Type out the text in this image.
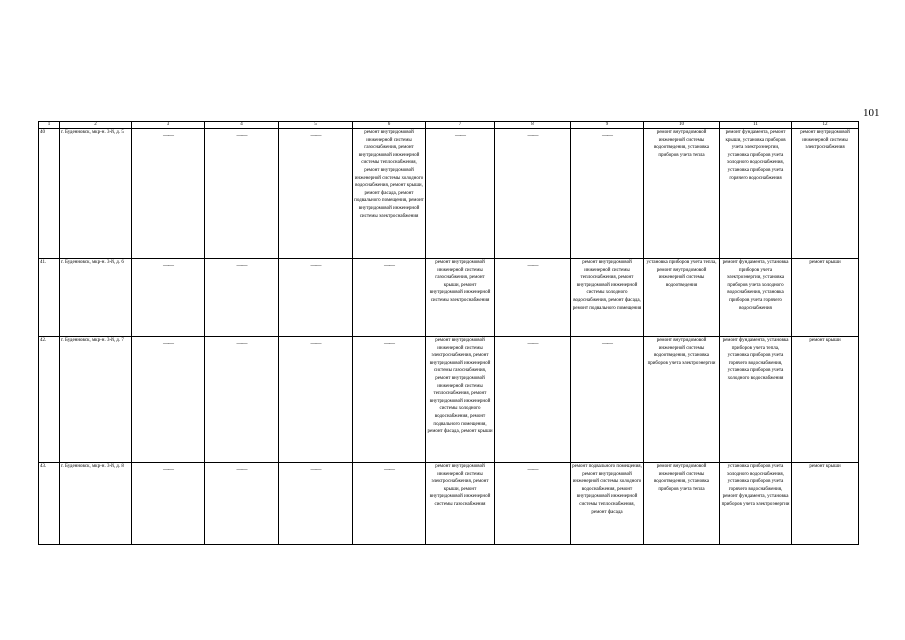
101
1	2	3	4	5	6	7	8	9	10	11	12
40	г. Буденновск, мкр-н. 3-й, д. 5	——	——	——	ремонт внутридомовой инженерной системы газоснабжения, ремонт внутридомовой инженерной системы теплоснабжения, ремонт внутридомовой инженерной системы холодного водоснабжения, ремонт крыши, ремонт фасада, ремонт подвального помещения, ремонт внутридомовой инженерной системы электроснабжения	——	——	——	ремонт внутридомовой инженерной системы водоотведения, установка приборов учета тепла	ремонт фундамента, ремонт крыши, установка приборов учета электроэнергии, установка приборов учета холодного водоснабжения, установка приборов учета горячего водоснабжения	ремонт внутридомовой инженерной системы электроснабжения
41.	г. Буденновск, мкр-н. 3-й, д. 6	——	——	——	——	ремонт внутридомовой инженерной системы газоснабжения, ремонт крыши, ремонт внутридомовой инженерной системы электроснабжения	——	ремонт внутридомовой инженерной системы теплоснабжения, ремонт внутридомовой инженерной системы холодного водоснабжения, ремонт фасада, ремонт подвального помещения	установка приборов учета тепла, ремонт внутридомовой инженерной системы водоотведения	ремонт фундамента, установка приборов учета электроэнергии, установка приборов учета холодного водоснабжения, установка приборов учета горячего водоснабжения	ремонт крыши
42.	г. Буденновск, мкр-н. 3-й, д. 7	——	——	——	——	ремонт внутридомовой инженерной системы электроснабжения, ремонт внутридомовой инженерной системы газоснабжения, ремонт внутридомовой инженерной системы теплоснабжения, ремонт внутридомовой инженерной системы холодного водоснабжения, ремонт подвального помещения, ремонт фасада, ремонт крыши	——	——	ремонт внутридомовой инженерной системы водоотведения, установка приборов учета электроэнергии	ремонт фундамента, установка приборов учета тепла, установка приборов учета горячего водоснабжения, установка приборов учета холодного водоснабжения	ремонт крыши
43.	г. Буденновск, мкр-н. 3-й, д. 8	——	——	——	——	ремонт внутридомовой инженерной системы электроснабжения, ремонт крыши, ремонт внутридомовой инженерной системы газоснабжения	——	ремонт подвального помещения, ремонт внутридомовой инженерной системы холодного водоснабжения, ремонт внутридомовой инженерной системы теплоснабжения, ремонт фасада	ремонт внутридомовой инженерной системы водоотведения, установка приборов учета тепла	установка приборов учета холодного водоснабжения, установка приборов учета горячего водоснабжения, ремонт фундамента, установка приборов учета электроэнергии	ремонт крыши
